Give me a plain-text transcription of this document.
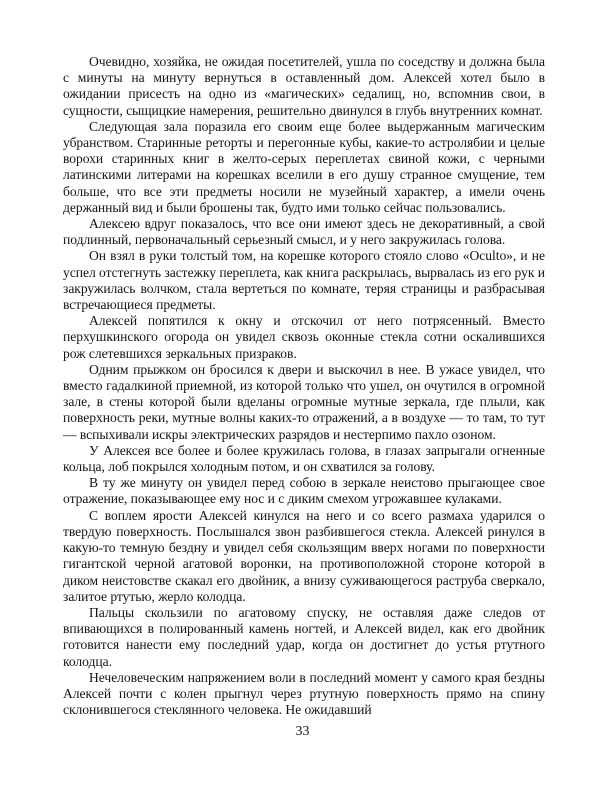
Очевидно, хозяйка, не ожидая посетителей, ушла по соседству и должна была с минуты на минуту вернуться в оставленный дом. Алексей хотел было в ожидании присесть на одно из «магических» седалищ, но, вспомнив свои, в сущности, сыщицкие намерения, решительно двинулся в глубь внутренних комнат.

Следующая зала поразила его своим еще более выдержанным магическим убранством. Старинные реторты и перегонные кубы, какие-то астролябии и целые ворохи старинных книг в желто-серых переплетах свиной кожи, с черными латинскими литерами на корешках вселили в его душу странное смущение, тем больше, что все эти предметы носили не музейный характер, а имели очень держанный вид и были брошены так, будто ими только сейчас пользовались.

Алексею вдруг показалось, что все они имеют здесь не декоративный, а свой подлинный, первоначальный серьезный смысл, и у него закружилась голова.

Он взял в руки толстый том, на корешке которого стояло слово «Oculto», и не успел отстегнуть застежку переплета, как книга раскрылась, вырвалась из его рук и закружилась волчком, стала вертеться по комнате, теряя страницы и разбрасывая встречающиеся предметы.

Алексей попятился к окну и отскочил от него потрясенный. Вместо перхушкинского огорода он увидел сквозь оконные стекла сотни оскалившихся рож слетевшихся зеркальных призраков.

Одним прыжком он бросился к двери и выскочил в нее. В ужасе увидел, что вместо гадалкиной приемной, из которой только что ушел, он очутился в огромной зале, в стены которой были вделаны огромные мутные зеркала, где плыли, как поверхность реки, мутные волны каких-то отражений, а в воздухе — то там, то тут — вспыхивали искры электрических разрядов и нестерпимо пахло озоном.

У Алексея все более и более кружилась голова, в глазах запрыгали огненные кольца, лоб покрылся холодным потом, и он схватился за голову.

В ту же минуту он увидел перед собою в зеркале неистово прыгающее свое отражение, показывающее ему нос и с диким смехом угрожавшее кулаками.

С воплем ярости Алексей кинулся на него и со всего размаха ударился о твердую поверхность. Послышался звон разбившегося стекла. Алексей ринулся в какую-то темную бездну и увидел себя скользящим вверх ногами по поверхности гигантской черной агатовой воронки, на противоположной стороне которой в диком неистовстве скакал его двойник, а внизу суживающегося раструба сверкало, залитое ртутью, жерло колодца.

Пальцы скользили по агатовому спуску, не оставляя даже следов от впивающихся в полированный камень ногтей, и Алексей видел, как его двойник готовится нанести ему последний удар, когда он достигнет до устья ртутного колодца.

Нечеловеческим напряжением воли в последний момент у самого края бездны Алексей почти с колен прыгнул через ртутную поверхность прямо на спину склонившегося стеклянного человека. Не ожидавший

33
